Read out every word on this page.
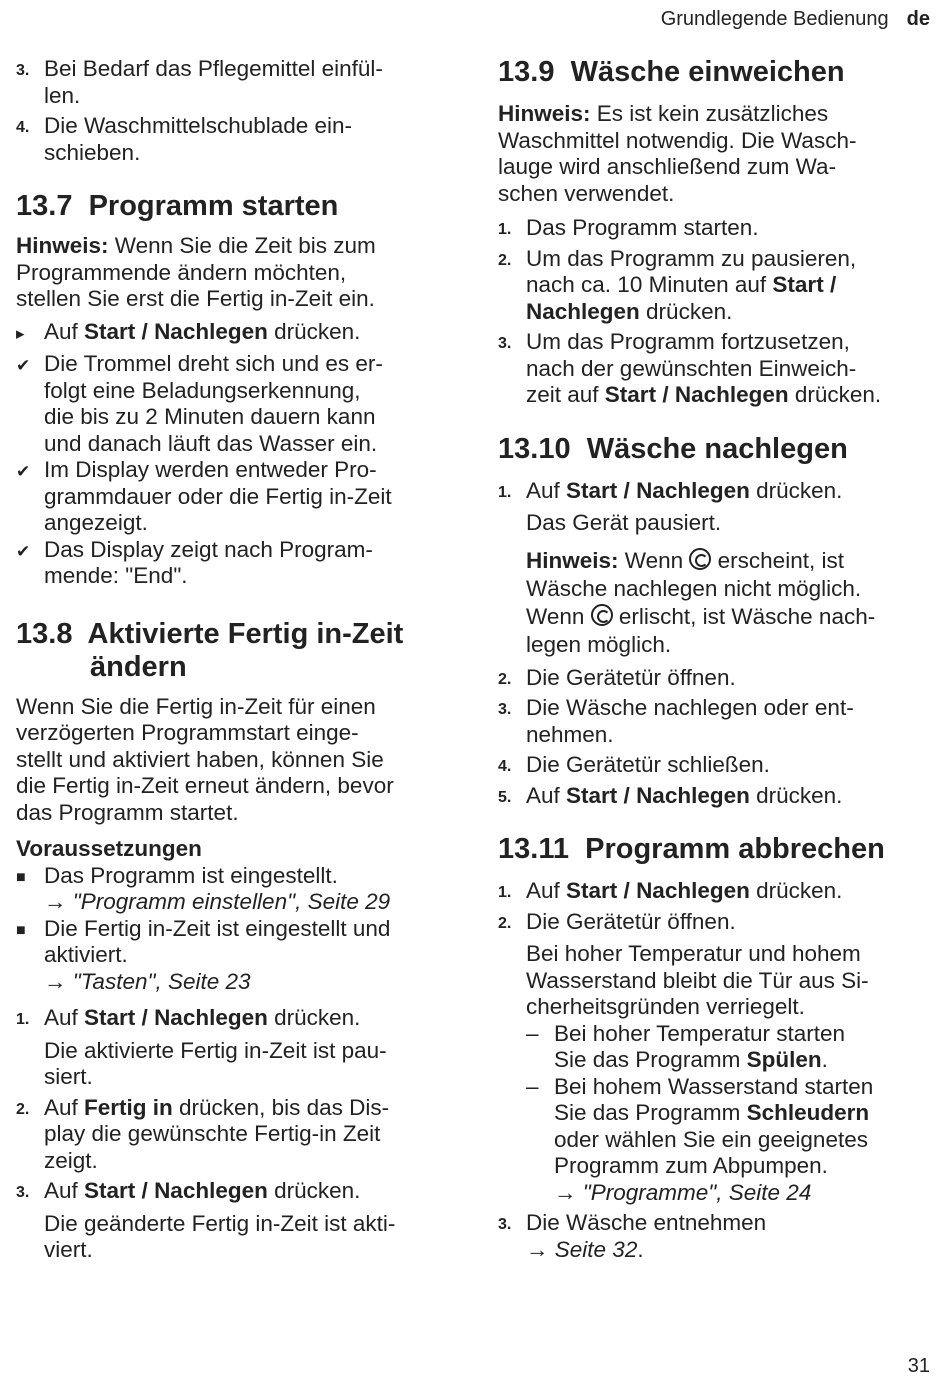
Grundlegende Bedienung de
3. Bei Bedarf das Pflegemittel einfül-
len.
4. Die Waschmittelschublade ein-
schieben.
13.7 Programm starten

Hinweis: Wenn Sie die Zeit bis zum
Programmende ändern möchten,
stellen Sie erst die Fertig in-Zeit ein.

▸ Auf Start / Nachlegen drücken.
✔ Die Trommel dreht sich und es er-
folgt eine Beladungserkennung,
die bis zu 2 Minuten dauern kann
und danach läuft das Wasser ein.
✔ Im Display werden entweder Pro-
grammdauer oder die Fertig in-Zeit
angezeigt.
✔ Das Display zeigt nach Program-
mende: "End".
13.8 Aktivierte Fertig in-Zeit
ändern

Wenn Sie die Fertig in-Zeit für einen
verzögerten Programmstart einge-
stellt und aktiviert haben, können Sie
die Fertig in-Zeit erneut ändern, bevor
das Programm startet.

Voraussetzungen

■ Das Programm ist eingestellt.
→ "Programm einstellen", Seite 29
■ Die Fertig in-Zeit ist eingestellt und
aktiviert.
→ "Tasten", Seite 23
1. Auf Start / Nachlegen drücken.
Die aktivierte Fertig in-Zeit ist pau-
siert.
2. Auf Fertig in drücken, bis das Dis-
play die gewünschte Fertig-in Zeit
zeigt.
3. Auf Start / Nachlegen drücken.
Die geänderte Fertig in-Zeit ist akti-
viert.
13.9 Wäsche einweichen

Hinweis: Es ist kein zusätzliches
Waschmittel notwendig. Die Wasch-
lauge wird anschließend zum Wa-
schen verwendet.

1. Das Programm starten.
2. Um das Programm zu pausieren,
nach ca. 10 Minuten auf Start /
Nachlegen drücken.
3. Um das Programm fortzusetzen,
nach der gewünschten Einweich-
zeit auf Start / Nachlegen drücken.
13.10 Wäsche nachlegen
1. Auf Start / Nachlegen drücken.
Das Gerät pausiert.
Hinweis: Wenn  erscheint, ist
Wäsche nachlegen nicht möglich.
Wenn  erlischt, ist Wäsche nach-
legen möglich.
2. Die Gerätetür öffnen.
3. Die Wäsche nachlegen oder ent-
nehmen.
4. Die Gerätetür schließen.
5. Auf Start / Nachlegen drücken.
13.11 Programm abbrechen
1. Auf Start / Nachlegen drücken.
2. Die Gerätetür öffnen.
Bei hoher Temperatur und hohem
Wasserstand bleibt die Tür aus Si-
cherheitsgründen verriegelt.
– Bei hoher Temperatur starten
Sie das Programm Spülen.
– Bei hohem Wasserstand starten
Sie das Programm Schleudern
oder wählen Sie ein geeignetes
Programm zum Abpumpen.
→ "Programme", Seite 24
3. Die Wäsche entnehmen
→ Seite 32.
31
